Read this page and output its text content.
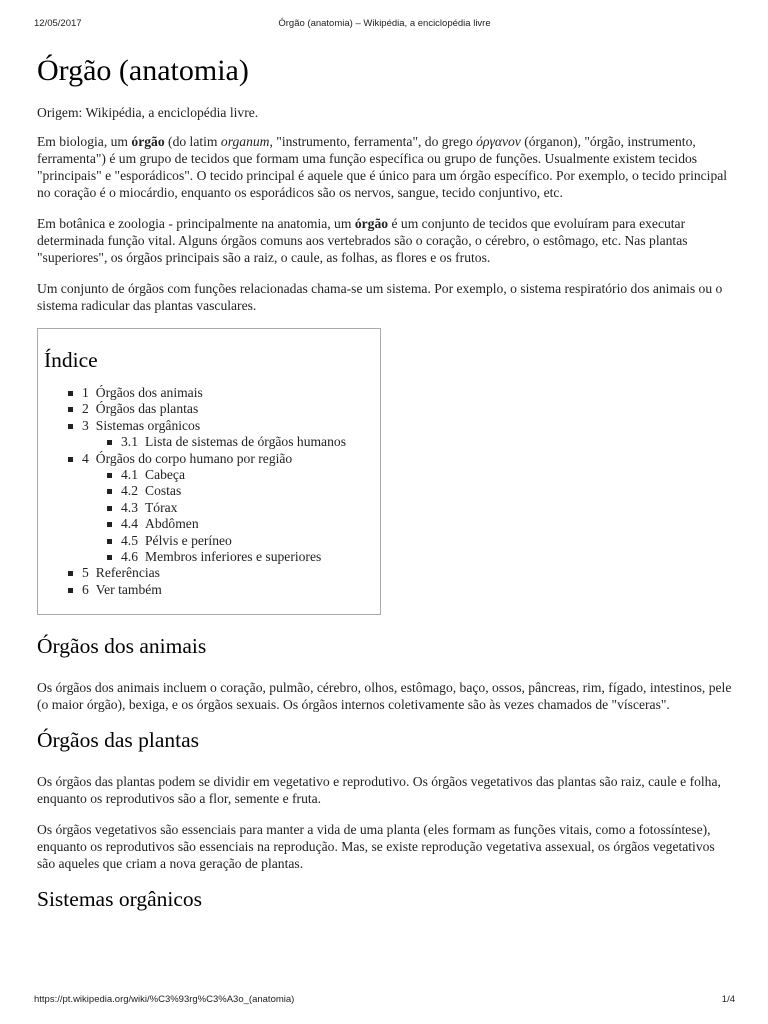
12/05/2017	Órgão (anatomia) – Wikipédia, a enciclopédia livre
Órgão (anatomia)

Origem: Wikipédia, a enciclopédia livre.

Em biologia, um órgão (do latim organum, "instrumento, ferramenta", do grego όργανον (órganon), "órgão, instrumento, ferramenta") é um grupo de tecidos que formam uma função específica ou grupo de funções. Usualmente existem tecidos "principais" e "esporádicos". O tecido principal é aquele que é único para um órgão específico. Por exemplo, o tecido principal no coração é o miocárdio, enquanto os esporádicos são os nervos, sangue, tecido conjuntivo, etc.

Em botânica e zoologia - principalmente na anatomia, um órgão é um conjunto de tecidos que evoluíram para executar determinada função vital. Alguns órgãos comuns aos vertebrados são o coração, o cérebro, o estômago, etc. Nas plantas "superiores", os órgãos principais são a raiz, o caule, as folhas, as flores e os frutos.

Um conjunto de órgãos com funções relacionadas chama-se um sistema. Por exemplo, o sistema respiratório dos animais ou o sistema radicular das plantas vasculares.

Índice
1 Órgãos dos animais
2 Órgãos das plantas
3 Sistemas orgânicos
3.1 Lista de sistemas de órgãos humanos
4 Órgãos do corpo humano por região
4.1 Cabeça
4.2 Costas
4.3 Tórax
4.4 Abdômen
4.5 Pélvis e períneo
4.6 Membros inferiores e superiores
5 Referências
6 Ver também
Órgãos dos animais

Os órgãos dos animais incluem o coração, pulmão, cérebro, olhos, estômago, baço, ossos, pâncreas, rim, fígado, intestinos, pele (o maior órgão), bexiga, e os órgãos sexuais. Os órgãos internos coletivamente são às vezes chamados de "vísceras".

Órgãos das plantas

Os órgãos das plantas podem se dividir em vegetativo e reprodutivo. Os órgãos vegetativos das plantas são raiz, caule e folha, enquanto os reprodutivos são a flor, semente e fruta.

Os órgãos vegetativos são essenciais para manter a vida de uma planta (eles formam as funções vitais, como a fotossíntese), enquanto os reprodutivos são essenciais na reprodução. Mas, se existe reprodução vegetativa assexual, os órgãos vegetativos são aqueles que criam a nova geração de plantas.

Sistemas orgânicos
https://pt.wikipedia.org/wiki/%C3%93rg%C3%A3o_(anatomia)	1/4
